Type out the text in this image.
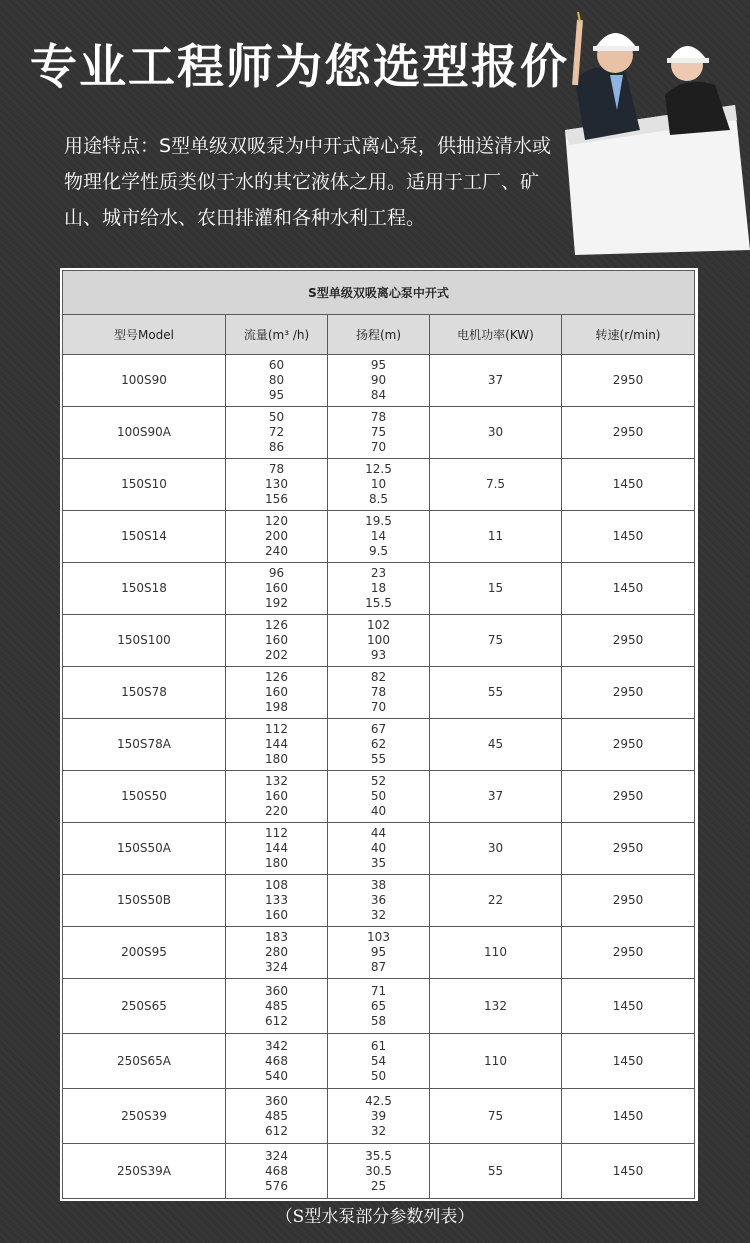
专业工程师为您选型报价
用途特点：S型单级双吸泵为中开式离心泵，供抽送清水或物理化学性质类似于水的其它液体之用。适用于工厂、矿山、城市给水、农田排灌和各种水利工程。
S型单级双吸离心泵中开式				
型号Model	流量(m³ /h)	扬程(m)	电机功率(KW)	转速(r/min)
100S90	60
80
95	95
90
84	37	2950
100S90A	50
72
86	78
75
70	30	2950
150S10	78
130
156	12.5
10
8.5	7.5	1450
150S14	120
200
240	19.5
14
9.5	11	1450
150S18	96
160
192	23
18
15.5	15	1450
150S100	126
160
202	102
100
93	75	2950
150S78	126
160
198	82
78
70	55	2950
150S78A	112
144
180	67
62
55	45	2950
150S50	132
160
220	52
50
40	37	2950
150S50A	112
144
180	44
40
35	30	2950
150S50B	108
133
160	38
36
32	22	2950
200S95	183
280
324	103
95
87	110	2950
250S65	360
485
612	71
65
58	132	1450
250S65A	342
468
540	61
54
50	110	1450
250S39	360
485
612	42.5
39
32	75	1450
250S39A	324
468
576	35.5
30.5
25	55	1450
（S型水泵部分参数列表）
